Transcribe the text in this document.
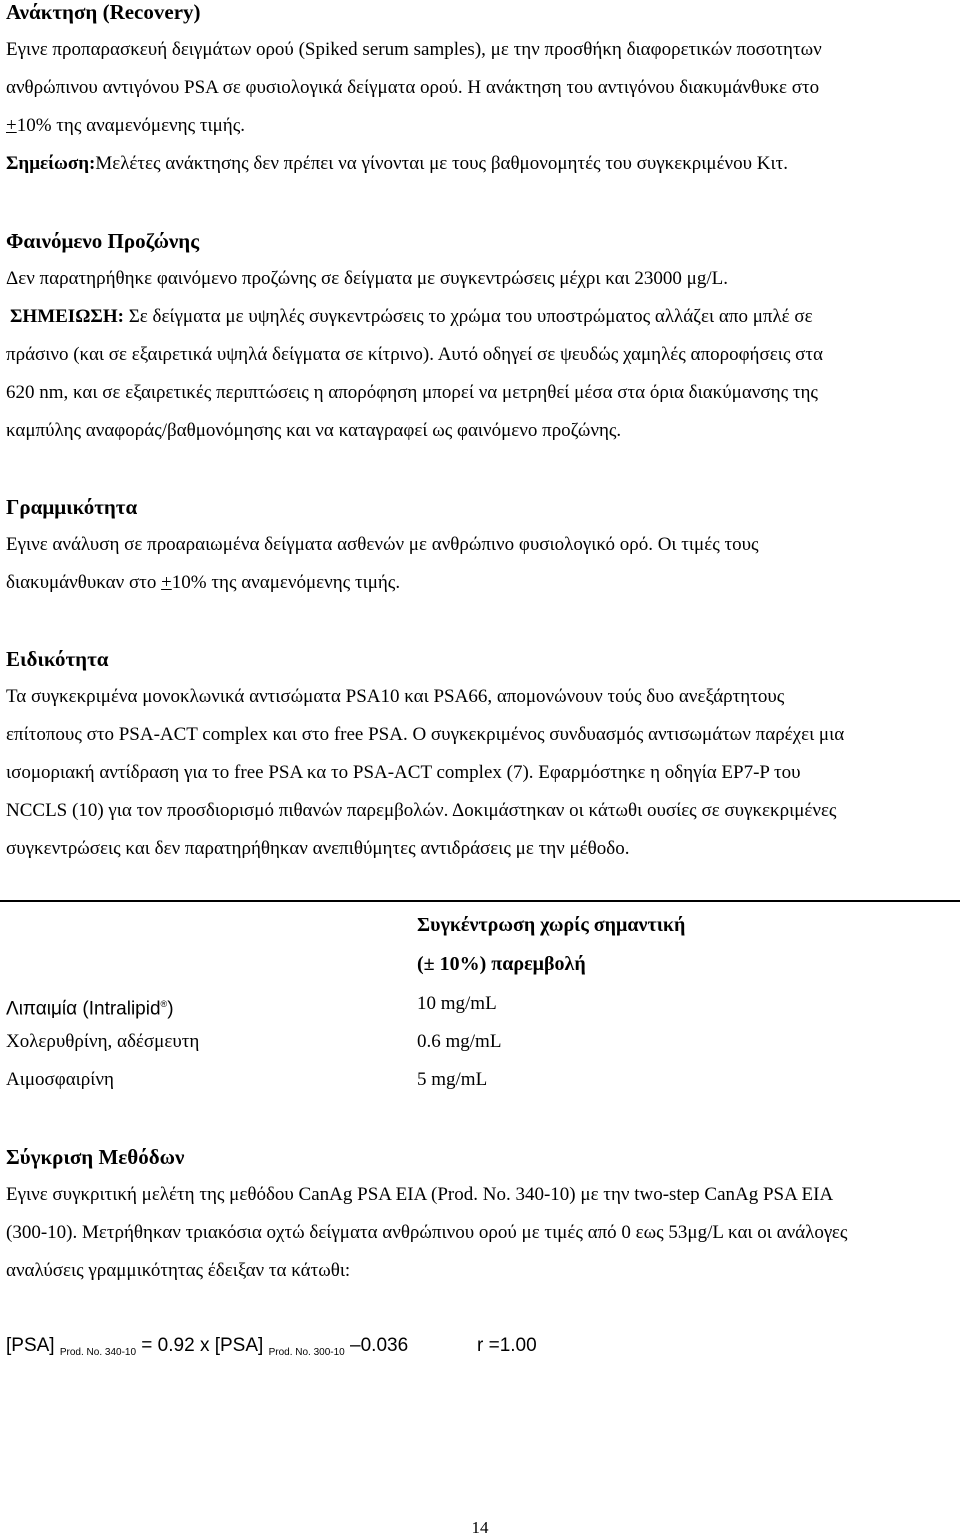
Ανάκτηση (Recovery)
Εγινε προπαρασκευή δειγμάτων ορού (Spiked serum samples), με την προσθήκη διαφορετικών ποσοτητων
ανθρώπινου αντιγόνου PSA σε φυσιολογικά δείγματα ορού. Η ανάκτηση του αντιγόνου διακυμάνθυκε στο
+10% της αναμενόμενης τιμής.
Σημείωση:Μελέτες ανάκτησης δεν πρέπει να γίνονται με τους βαθμονομητές του συγκεκριμένου Κιτ.
Φαινόμενο Προζώνης
Δεν παρατηρήθηκε φαινόμενο προζώνης σε δείγματα με συγκεντρώσεις μέχρι και 23000 μg/L.
ΣΗΜΕΙΩΣΗ: Σε δείγματα με υψηλές συγκεντρώσεις το χρώμα του υποστρώματος αλλάζει απο μπλέ σε
πράσινο (και σε εξαιρετικά υψηλά δείγματα σε κίτρινο). Αυτό οδηγεί σε ψευδώς χαμηλές απορoφήσεις στα
620 nm, και σε εξαιρετικές περιπτώσεις η απορόφηση μπορεί να μετρηθεί μέσα στα όρια διακύμανσης της
καμπύλης αναφοράς/βαθμονόμησης και να καταγραφεί ως φαινόμενο προζώνης.
Γραμμικότητα
Εγινε ανάλυση σε προαραιωμένα δείγματα ασθενών με ανθρώπινο φυσιολογικό ορό. Οι τιμές τους
διακυμάνθυκαν στο +10% της αναμενόμενης τιμής.
Ειδικότητα
Τα συγκεκριμένα μονοκλωνικά αντισώματα PSA10 και PSA66, απομονώνουν τούς δυο ανεξάρτητους
επίτοπους στο PSA-ACT complex και στο free PSA. Ο συγκεκριμένος συνδυασμός αντισωμάτων παρέχει μια
ισομοριακή αντίδραση για το free PSA κα το PSA-ACT complex (7). Εφαρμόστηκε η οδηγία EP7-P του
NCCLS (10) για τον προσδιορισμό πιθανών παρεμβολών. Δοκιμάστηκαν οι κάτωθι ουσίες σε συγκεκριμένες
συγκεντρώσεις και δεν παρατηρήθηκαν ανεπιθύμητες αντιδράσεις με την μέθοδο.
Συγκέντρωση χωρίς σημαντική
(± 10%) παρεμβολή
Λιπαιμία (Intralipid®)	10 mg/mL
Χολερυθρίνη, αδέσμευτη	0.6 mg/mL
Αιμοσφαιρίνη	5 mg/mL
Σύγκριση Μεθόδων
Εγινε συγκριτική μελέτη της μεθόδου CanAg PSA EIA (Prod. No. 340-10) με την two-step CanAg PSA EIA
(300-10). Μετρήθηκαν τριακόσια οχτώ δείγματα ανθρώπινου ορού με τιμές από 0 εως 53μg/L και οι ανάλογες
αναλύσεις γραμμικότητας έδειξαν τα κάτωθι:
[PSA] $_{Prod. No. 340-10}$ = 0.92 x [PSA] $_{Prod. No. 300-10}$ –0.036	r =1.00
14
